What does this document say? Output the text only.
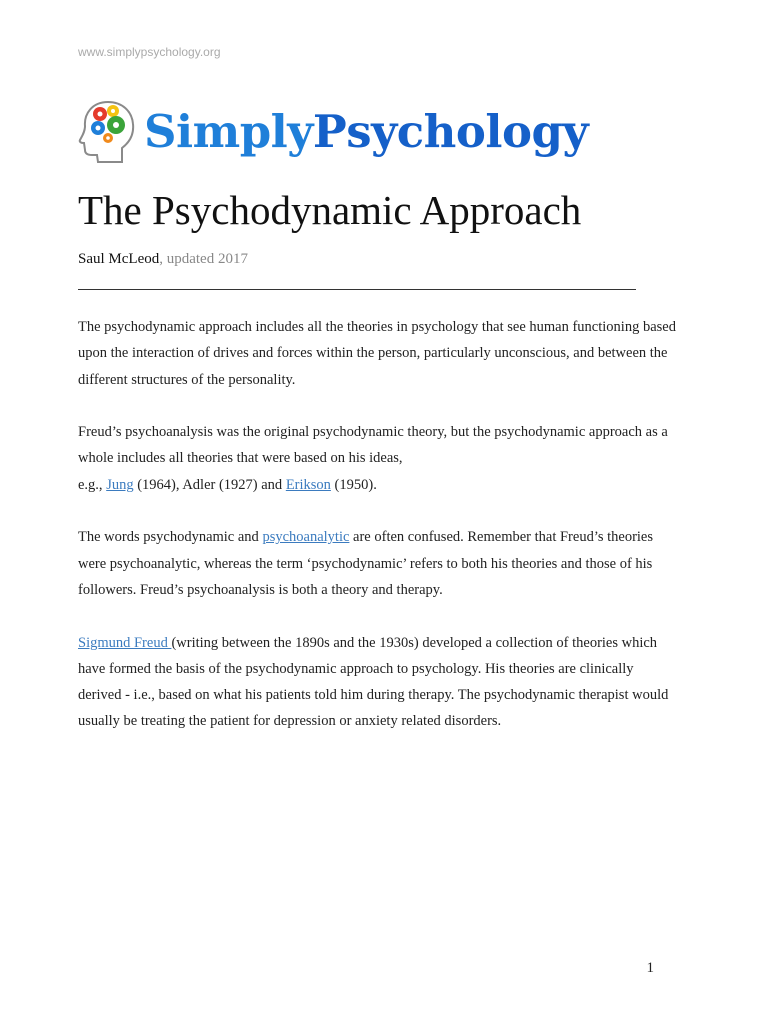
www.simplypsychology.org
SimplyPsychology
The Psychodynamic Approach
Saul McLeod, updated 2017

The psychodynamic approach includes all the theories in psychology that see human functioning based upon the interaction of drives and forces within the person, particularly unconscious, and between the different structures of the personality.

Freud’s psychoanalysis was the original psychodynamic theory, but the psychodynamic approach as a whole includes all theories that were based on his ideas,
e.g., Jung (1964), Adler (1927) and Erikson (1950).

The words psychodynamic and psychoanalytic are often confused. Remember that Freud’s theories were psychoanalytic, whereas the term ‘psychodynamic’ refers to both his theories and those of his followers. Freud’s psychoanalysis is both a theory and therapy.

Sigmund Freud (writing between the 1890s and the 1930s) developed a collection of theories which have formed the basis of the psychodynamic approach to psychology. His theories are clinically derived - i.e., based on what his patients told him during therapy. The psychodynamic therapist would usually be treating the patient for depression or anxiety related disorders.

1
